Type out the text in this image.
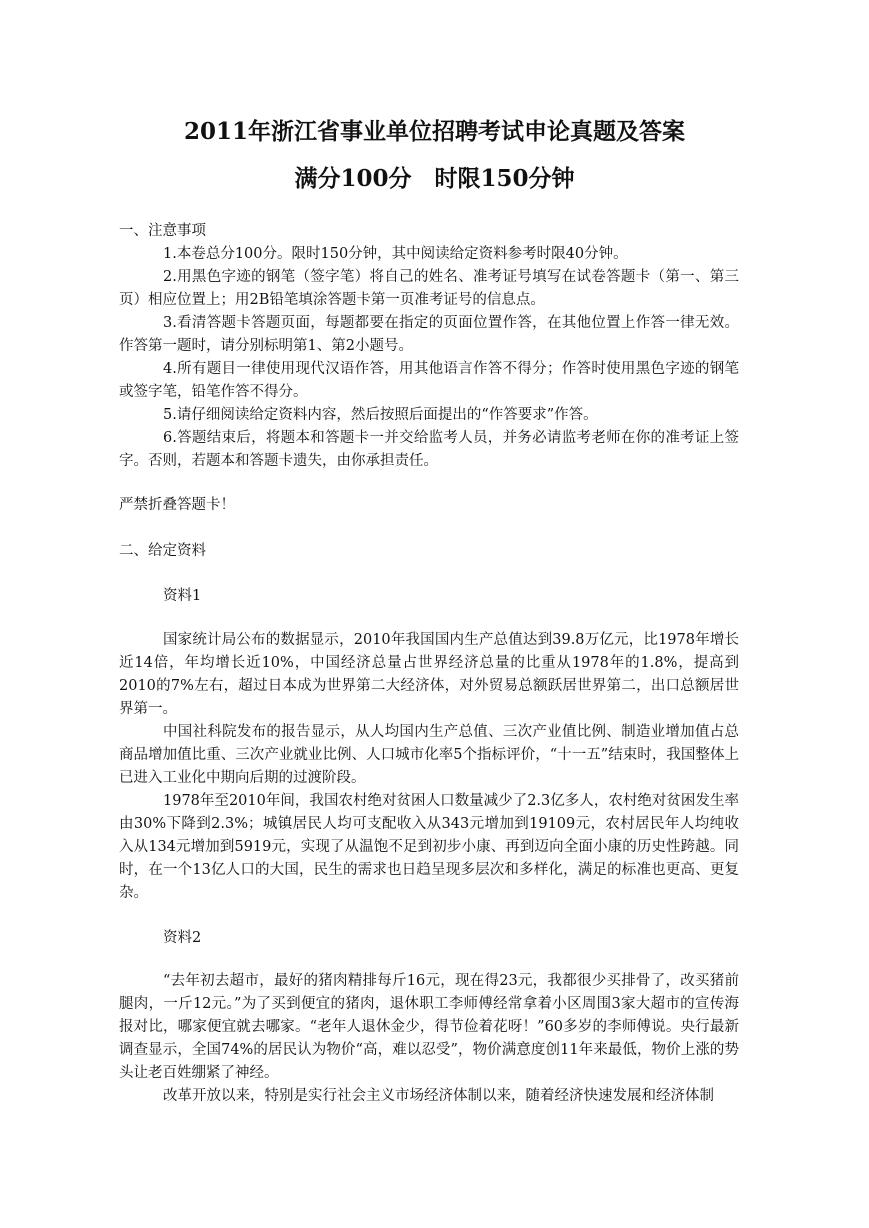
2011年浙江省事业单位招聘考试申论真题及答案
满分100分　时限150分钟
一、注意事项

1.本卷总分100分。限时150分钟，其中阅读给定资料参考时限40分钟。

2.用黑色字迹的钢笔（签字笔）将自己的姓名、准考证号填写在试卷答题卡（第一、第三页）相应位置上；用2B铅笔填涂答题卡第一页准考证号的信息点。

3.看清答题卡答题页面，每题都要在指定的页面位置作答，在其他位置上作答一律无效。作答第一题时，请分别标明第1、第2小题号。

4.所有题目一律使用现代汉语作答，用其他语言作答不得分；作答时使用黑色字迹的钢笔或签字笔，铅笔作答不得分。

5.请仔细阅读给定资料内容，然后按照后面提出的“作答要求”作答。

6.答题结束后，将题本和答题卡一并交给监考人员，并务必请监考老师在你的准考证上签字。否则，若题本和答题卡遗失，由你承担责任。

严禁折叠答题卡！
二、给定资料
资料1

国家统计局公布的数据显示，2010年我国国内生产总值达到39.8万亿元，比1978年增长近14倍，年均增长近10%，中国经济总量占世界经济总量的比重从1978年的1.8%，提高到2010的7%左右，超过日本成为世界第二大经济体，对外贸易总额跃居世界第二，出口总额居世界第一。

中国社科院发布的报告显示，从人均国内生产总值、三次产业值比例、制造业增加值占总商品增加值比重、三次产业就业比例、人口城市化率5个指标评价，“十一五”结束时，我国整体上已进入工业化中期向后期的过渡阶段。

1978年至2010年间，我国农村绝对贫困人口数量减少了2.3亿多人，农村绝对贫困发生率由30%下降到2.3%；城镇居民人均可支配收入从343元增加到19109元，农村居民年人均纯收入从134元增加到5919元，实现了从温饱不足到初步小康、再到迈向全面小康的历史性跨越。同时，在一个13亿人口的大国，民生的需求也日趋呈现多层次和多样化，满足的标准也更高、更复杂。

资料2

“去年初去超市，最好的猪肉精排每斤16元，现在得23元，我都很少买排骨了，改买猪前腿肉，一斤12元。”为了买到便宜的猪肉，退休职工李师傅经常拿着小区周围3家大超市的宣传海报对比，哪家便宜就去哪家。“老年人退休金少，得节俭着花呀！”60多岁的李师傅说。央行最新调查显示，全国74%的居民认为物价“高，难以忍受”，物价满意度创11年来最低，物价上涨的势头让老百姓绷紧了神经。

改革开放以来，特别是实行社会主义市场经济体制以来，随着经济快速发展和经济体制
